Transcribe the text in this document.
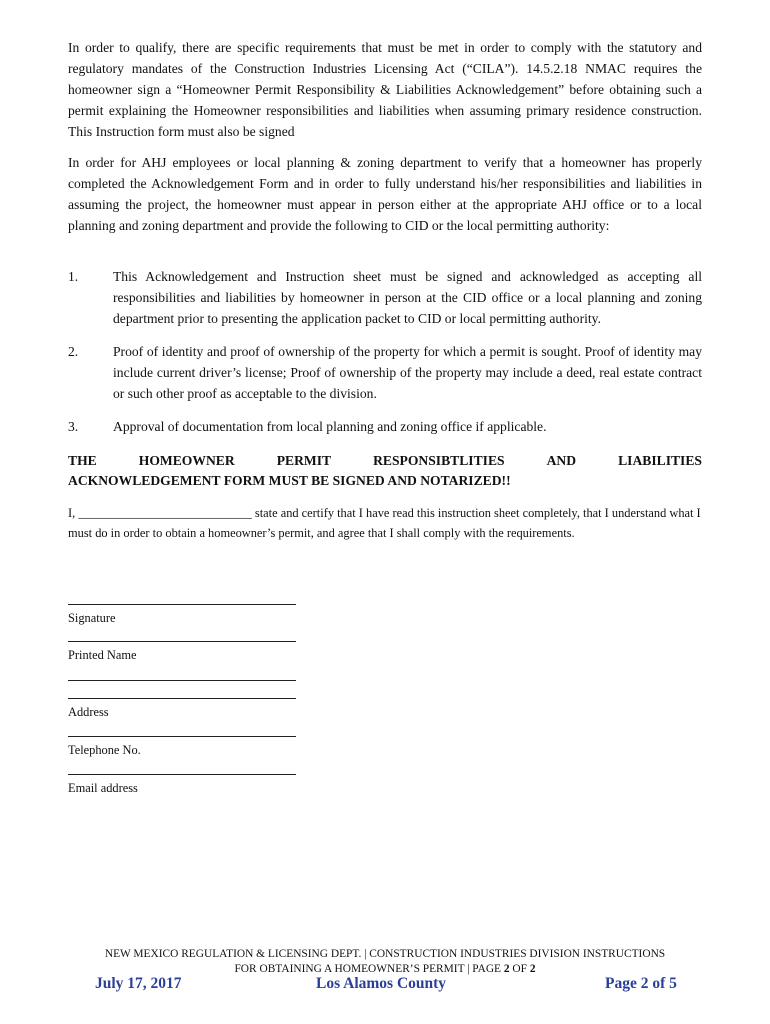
In order to qualify, there are specific requirements that must be met in order to comply with the statutory and regulatory mandates of the Construction Industries Licensing Act (“CILA”). 14.5.2.18 NMAC requires the homeowner sign a “Homeowner Permit Responsibility & Liabilities Acknowledgement” before obtaining such a permit explaining the Homeowner responsibilities and liabilities when assuming primary residence construction. This Instruction form must also be signed

In order for AHJ employees or local planning & zoning department to verify that a homeowner has properly completed the Acknowledgement Form and in order to fully understand his/her responsibilities and liabilities in assuming the project, the homeowner must appear in person either at the appropriate AHJ office or to a local planning and zoning department and provide the following to CID or the local permitting authority:

1.	This Acknowledgement and Instruction sheet must be signed and acknowledged as accepting all responsibilities and liabilities by homeowner in person at the CID office or a local planning and zoning department prior to presenting the application packet to CID or local permitting authority.
2.	Proof of identity and proof of ownership of the property for which a permit is sought. Proof of identity may include current driver’s license; Proof of ownership of the property may include a deed, real estate contract or such other proof as acceptable to the division.
3.	Approval of documentation from local planning and zoning office if applicable.
THE	HOMEOWNER	PERMIT	RESPONSIBTLITIES	AND	LIABILITIES
ACKNOWLEDGEMENT FORM MUST BE SIGNED AND NOTARIZED!!

I, ____________________________ state and certify that I have read this instruction sheet completely, that I understand what I must do in order to obtain a homeowner’s permit, and agree that I shall comply with the requirements.

Signature
Printed Name
Address
Telephone No.
Email address
NEW MEXICO REGULATION & LICENSING DEPT. | CONSTRUCTION INDUSTRIES DIVISION INSTRUCTIONS
FOR OBTAINING A HOMEOWNER’S PERMIT | PAGE 2 OF 2
July 17, 2017	Los Alamos County	Page 2 of 5
